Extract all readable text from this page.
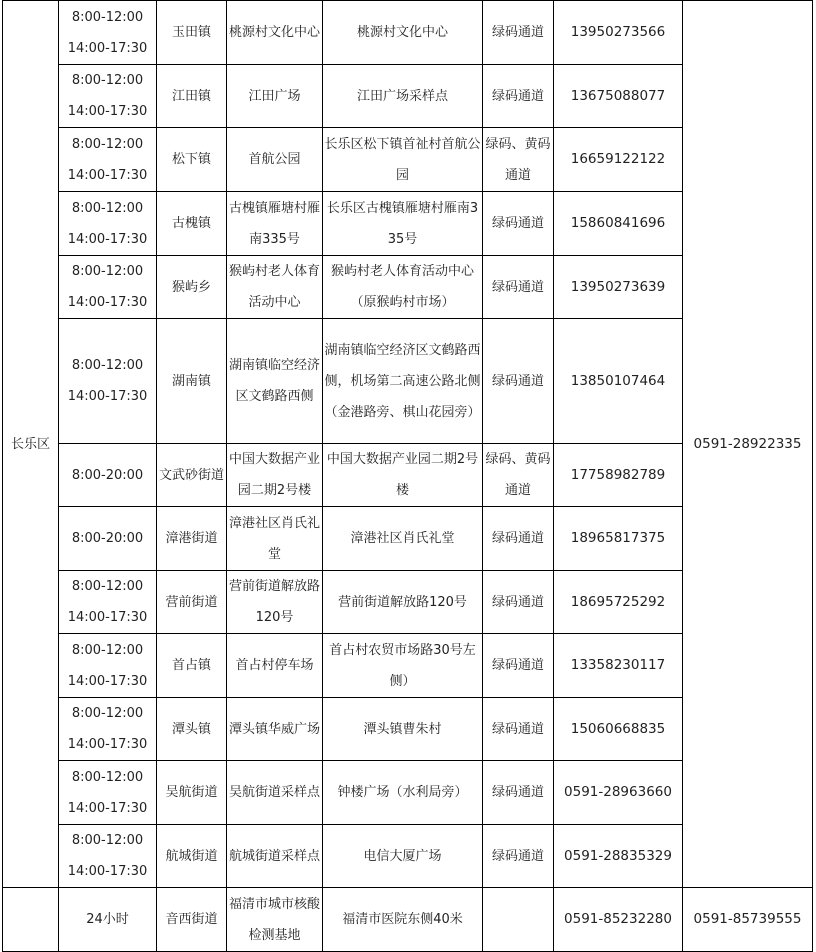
长乐区	8:00-12:00
14:00-17:30	玉田镇	桃源村文化中心	桃源村文化中心	绿码通道	13950273566	0591-28922335

	8:00-12:00
14:00-17:30	江田镇	江田广场	江田广场采样点	绿码通道	13675088077	

	8:00-12:00
14:00-17:30	松下镇	首航公园	长乐区松下镇首祉村首航公园	绿码、黄码通道	16659122122	

	8:00-12:00
14:00-17:30	古槐镇	古槐镇雁塘村雁南335号	长乐区古槐镇雁塘村雁南335号	绿码通道	15860841696	

	8:00-12:00
14:00-17:30	猴屿乡	猴屿村老人体育活动中心	猴屿村老人体育活动中心（原猴屿村市场）	绿码通道	13950273639	

	8:00-12:00
14:00-17:30	湖南镇	湖南镇临空经济区文鹤路西侧	湖南镇临空经济区文鹤路西侧，机场第二高速公路北侧（金港路旁、棋山花园旁）	绿码通道	13850107464	

	8:00-20:00	文武砂街道	中国大数据产业园二期2号楼	中国大数据产业园二期2号楼	绿码、黄码通道	17758982789	

	8:00-20:00	漳港街道	漳港社区肖氏礼堂	漳港社区肖氏礼堂	绿码通道	18965817375	

	8:00-12:00
14:00-17:30	营前街道	营前街道解放路120号	营前街道解放路120号	绿码通道	18695725292	

	8:00-12:00
14:00-17:30	首占镇	首占村停车场	首占村农贸市场路30号左侧）	绿码通道	13358230117	

	8:00-12:00
14:00-17:30	潭头镇	潭头镇华威广场	潭头镇曹朱村	绿码通道	15060668835	

	8:00-12:00
14:00-17:30	吴航街道	吴航街道采样点	钟楼广场（水利局旁）	绿码通道	0591-28963660	

	8:00-12:00
14:00-17:30	航城街道	航城街道采样点	电信大厦广场	绿码通道	0591-28835329	

	24小时	音西街道	福清市城市核酸检测基地	福清市医院东侧40米		0591-85232280	0591-85739555
